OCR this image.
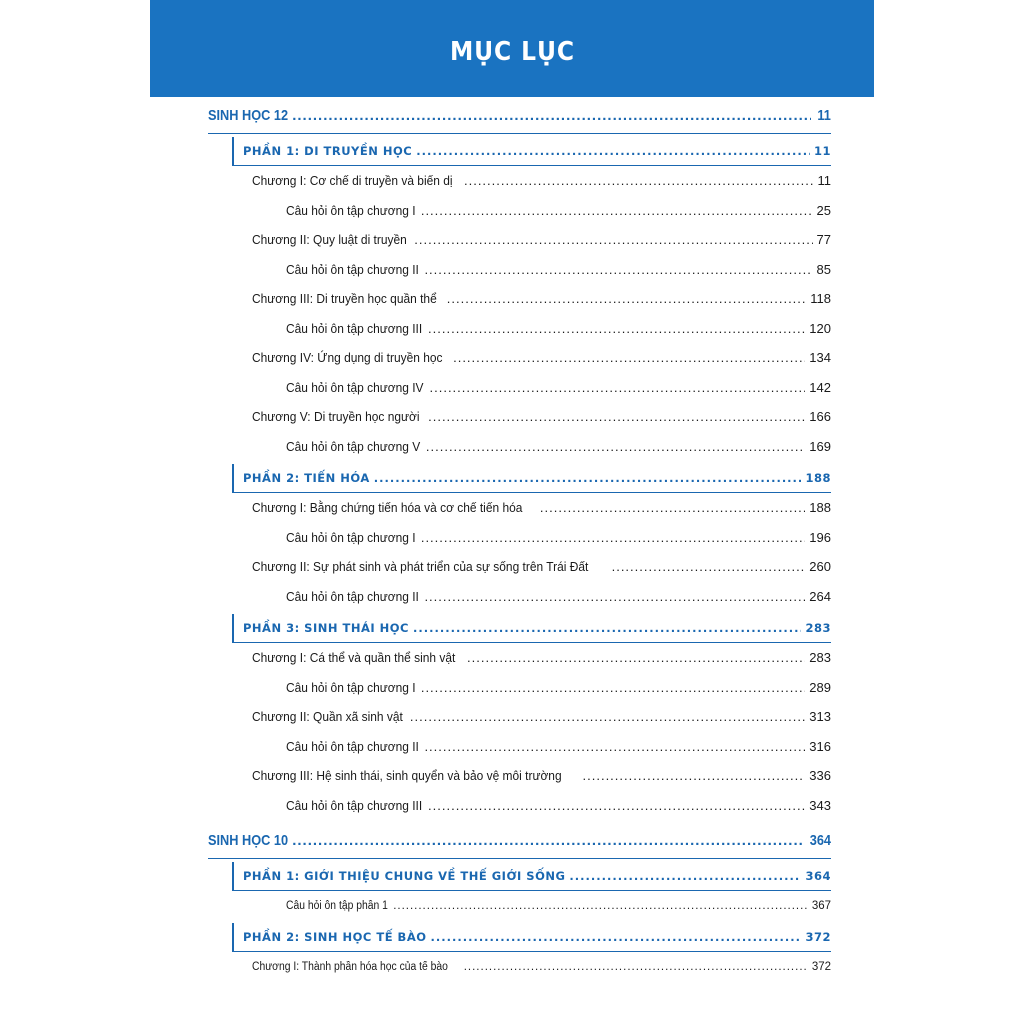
MỤC LỤC
SINH HỌC 12 .....	11
PHẦN 1: DI TRUYỀN HỌC .....	11
Chương I: Cơ chế di truyền và biến dị .....	11
Câu hỏi ôn tập chương I .....	25
Chương II: Quy luật di truyền .....	77
Câu hỏi ôn tập chương II .....	85
Chương III: Di truyền học quần thể .....	118
Câu hỏi ôn tập chương III .....	120
Chương IV: Ứng dụng di truyền học .....	134
Câu hỏi ôn tập chương IV .....	142
Chương V: Di truyền học người .....	166
Câu hỏi ôn tập chương V .....	169
PHẦN 2: TIẾN HÓA .....	188
Chương I: Bằng chứng tiến hóa và cơ chế tiến hóa .....	188
Câu hỏi ôn tập chương I .....	196
Chương II: Sự phát sinh và phát triển của sự sống trên Trái Đất .....	260
Câu hỏi ôn tập chương II .....	264
PHẦN 3: SINH THÁI HỌC .....	283
Chương I: Cá thể và quần thể sinh vật .....	283
Câu hỏi ôn tập chương I .....	289
Chương II: Quần xã sinh vật .....	313
Câu hỏi ôn tập chương II .....	316
Chương III: Hệ sinh thái, sinh quyển và bảo vệ môi trường .....	336
Câu hỏi ôn tập chương III .....	343
SINH HỌC 10 .....	364
PHẦN 1: GIỚI THIỆU CHUNG VỀ THẾ GIỚI SỐNG .....	364
Câu hỏi ôn tập phần 1 .....	367
PHẦN 2: SINH HỌC TẾ BÀO .....	372
Chương I: Thành phần hóa học của tế bào .....	372
